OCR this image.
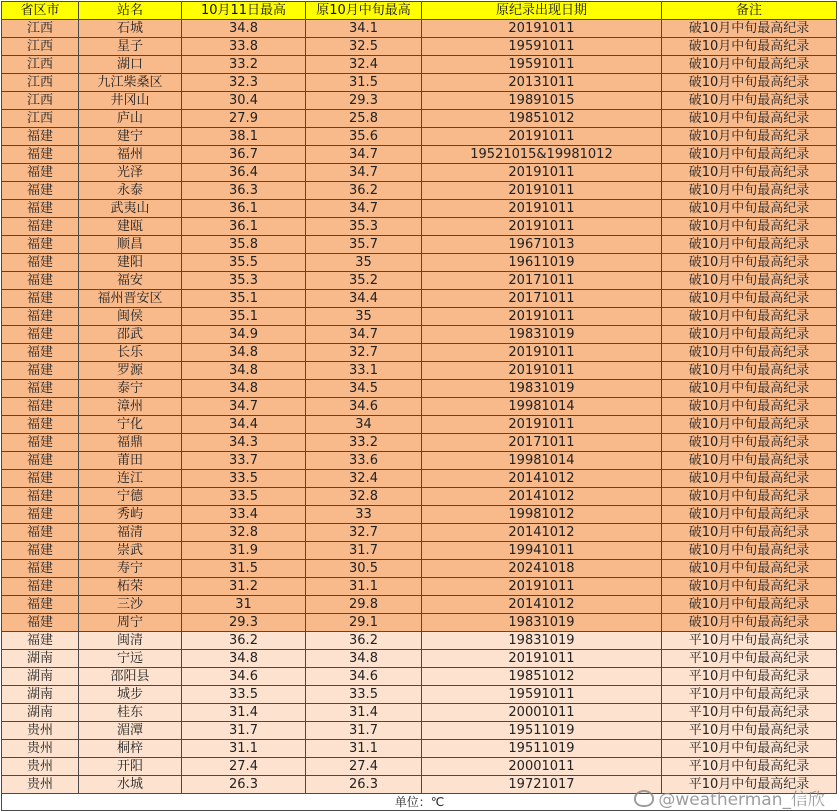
省区市	站名	10月11日最高	原10月中旬最高	原纪录出现日期	备注
江西	石城	34.8	34.1	20191011	破10月中旬最高纪录
江西	星子	33.8	32.5	19591011	破10月中旬最高纪录
江西	湖口	33.2	32.4	19591011	破10月中旬最高纪录
江西	九江柴桑区	32.3	31.5	20131011	破10月中旬最高纪录
江西	井冈山	30.4	29.3	19891015	破10月中旬最高纪录
江西	庐山	27.9	25.8	19851012	破10月中旬最高纪录
福建	建宁	38.1	35.6	20191011	破10月中旬最高纪录
福建	福州	36.7	34.7	19521015&19981012	破10月中旬最高纪录
福建	光泽	36.4	34.7	20191011	破10月中旬最高纪录
福建	永泰	36.3	36.2	20191011	破10月中旬最高纪录
福建	武夷山	36.1	34.7	20191011	破10月中旬最高纪录
福建	建瓯	36.1	35.3	20191011	破10月中旬最高纪录
福建	顺昌	35.8	35.7	19671013	破10月中旬最高纪录
福建	建阳	35.5	35	19611019	破10月中旬最高纪录
福建	福安	35.3	35.2	20171011	破10月中旬最高纪录
福建	福州晋安区	35.1	34.4	20171011	破10月中旬最高纪录
福建	闽侯	35.1	35	20191011	破10月中旬最高纪录
福建	邵武	34.9	34.7	19831019	破10月中旬最高纪录
福建	长乐	34.8	32.7	20191011	破10月中旬最高纪录
福建	罗源	34.8	33.1	20191011	破10月中旬最高纪录
福建	泰宁	34.8	34.5	19831019	破10月中旬最高纪录
福建	漳州	34.7	34.6	19981014	破10月中旬最高纪录
福建	宁化	34.4	34	20191011	破10月中旬最高纪录
福建	福鼎	34.3	33.2	20171011	破10月中旬最高纪录
福建	莆田	33.7	33.6	19981014	破10月中旬最高纪录
福建	连江	33.5	32.4	20141012	破10月中旬最高纪录
福建	宁德	33.5	32.8	20141012	破10月中旬最高纪录
福建	秀屿	33.4	33	19981012	破10月中旬最高纪录
福建	福清	32.8	32.7	20141012	破10月中旬最高纪录
福建	崇武	31.9	31.7	19941011	破10月中旬最高纪录
福建	寿宁	31.5	30.5	20241018	破10月中旬最高纪录
福建	柘荣	31.2	31.1	20191011	破10月中旬最高纪录
福建	三沙	31	29.8	20141012	破10月中旬最高纪录
福建	周宁	29.3	29.1	19831019	破10月中旬最高纪录
福建	闽清	36.2	36.2	19831019	平10月中旬最高纪录
湖南	宁远	34.8	34.8	20191011	平10月中旬最高纪录
湖南	邵阳县	34.6	34.6	19851012	平10月中旬最高纪录
湖南	城步	33.5	33.5	19591011	平10月中旬最高纪录
湖南	桂东	31.4	31.4	20001011	平10月中旬最高纪录
贵州	湄潭	31.7	31.7	19511019	平10月中旬最高纪录
贵州	桐梓	31.1	31.1	19511019	平10月中旬最高纪录
贵州	开阳	27.4	27.4	20001011	平10月中旬最高纪录
贵州	水城	26.3	26.3	19721017	平10月中旬最高纪录
单位：℃	@weatherman_信欣
